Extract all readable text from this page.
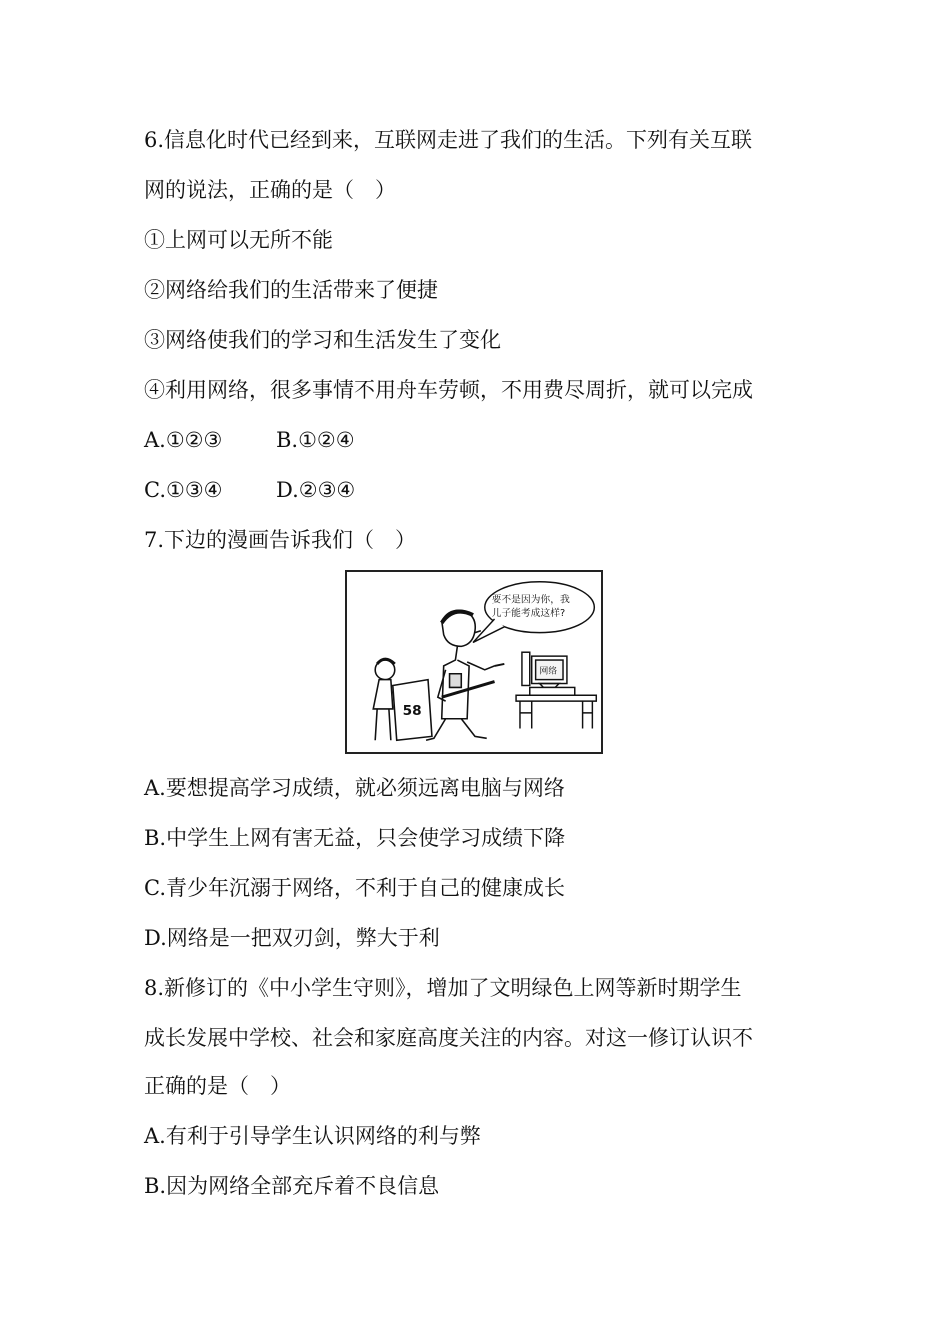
6.信息化时代已经到来，互联网走进了我们的生活。下列有关互联
网的说法，正确的是（　）
①上网可以无所不能
②网络给我们的生活带来了便捷
③网络使我们的学习和生活发生了变化
④利用网络，很多事情不用舟车劳顿，不用费尽周折，就可以完成
A.①②③	B.①②④
C.①③④	D.②③④
7.下边的漫画告诉我们（　）
要不是因为你，我
儿子能考成这样?
58
网络
A.要想提高学习成绩，就必须远离电脑与网络
B.中学生上网有害无益，只会使学习成绩下降
C.青少年沉溺于网络，不利于自己的健康成长
D.网络是一把双刃剑，弊大于利
8.新修订的《中小学生守则》，增加了文明绿色上网等新时期学生
成长发展中学校、社会和家庭高度关注的内容。对这一修订认识不
正确的是（　）
A.有利于引导学生认识网络的利与弊
B.因为网络全部充斥着不良信息
